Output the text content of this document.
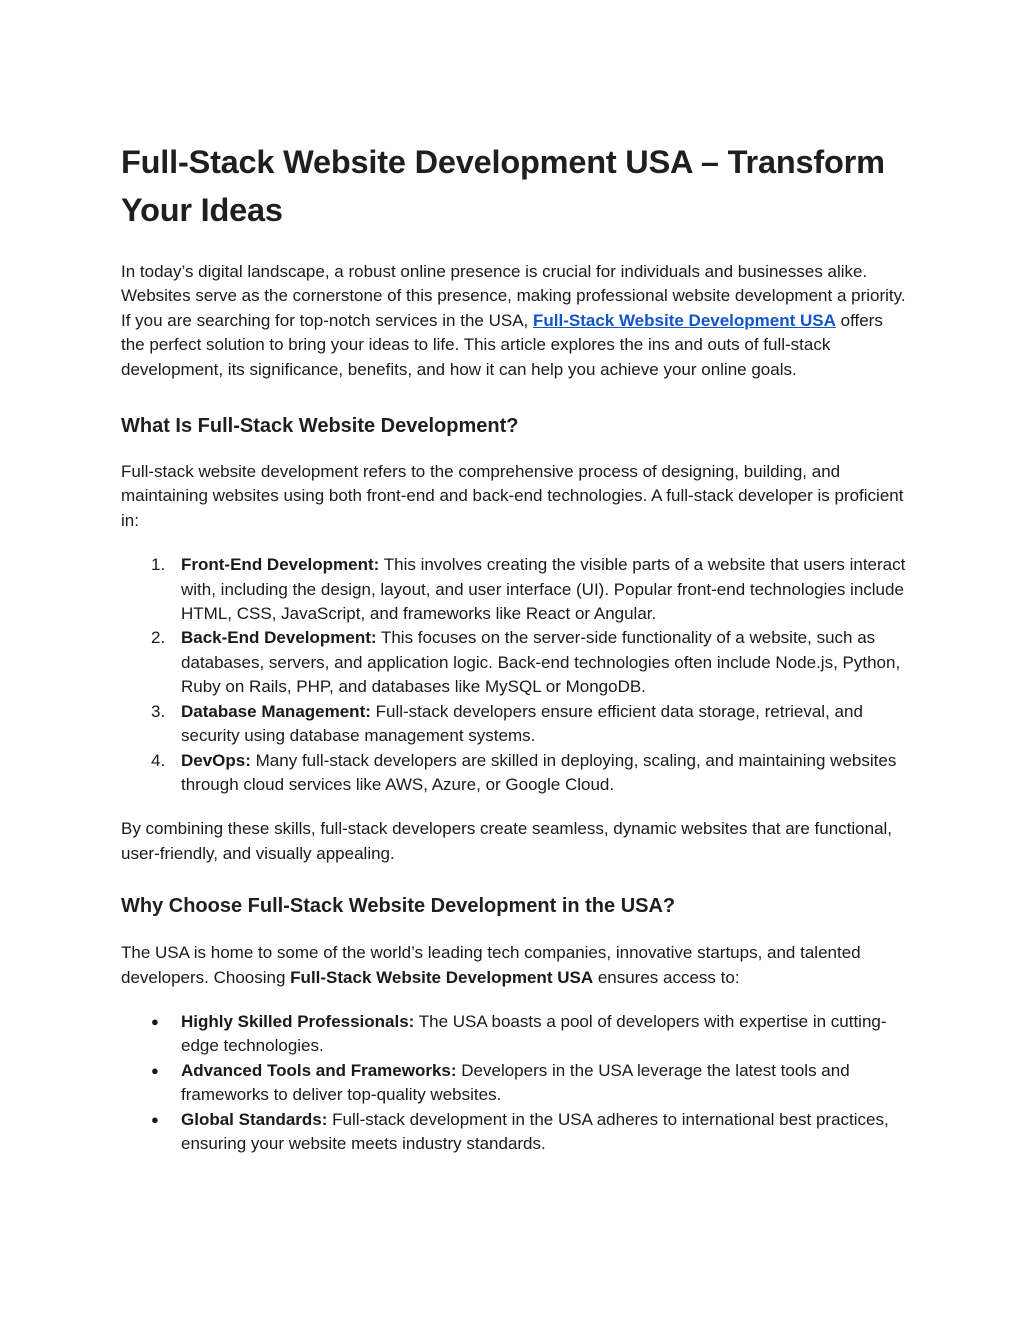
Full-Stack Website Development USA – Transform Your Ideas

In today’s digital landscape, a robust online presence is crucial for individuals and businesses alike. Websites serve as the cornerstone of this presence, making professional website development a priority. If you are searching for top-notch services in the USA, Full-Stack Website Development USA offers the perfect solution to bring your ideas to life. This article explores the ins and outs of full-stack development, its significance, benefits, and how it can help you achieve your online goals.

What Is Full-Stack Website Development?

Full-stack website development refers to the comprehensive process of designing, building, and maintaining websites using both front-end and back-end technologies. A full-stack developer is proficient in:

1. Front-End Development: This involves creating the visible parts of a website that users interact with, including the design, layout, and user interface (UI). Popular front-end technologies include HTML, CSS, JavaScript, and frameworks like React or Angular.
2. Back-End Development: This focuses on the server-side functionality of a website, such as databases, servers, and application logic. Back-end technologies often include Node.js, Python, Ruby on Rails, PHP, and databases like MySQL or MongoDB.
3. Database Management: Full-stack developers ensure efficient data storage, retrieval, and security using database management systems.
4. DevOps: Many full-stack developers are skilled in deploying, scaling, and maintaining websites through cloud services like AWS, Azure, or Google Cloud.

By combining these skills, full-stack developers create seamless, dynamic websites that are functional, user-friendly, and visually appealing.

Why Choose Full-Stack Website Development in the USA?

The USA is home to some of the world’s leading tech companies, innovative startups, and talented developers. Choosing Full-Stack Website Development USA ensures access to:

● Highly Skilled Professionals: The USA boasts a pool of developers with expertise in cutting-edge technologies.
● Advanced Tools and Frameworks: Developers in the USA leverage the latest tools and frameworks to deliver top-quality websites.
● Global Standards: Full-stack development in the USA adheres to international best practices, ensuring your website meets industry standards.
